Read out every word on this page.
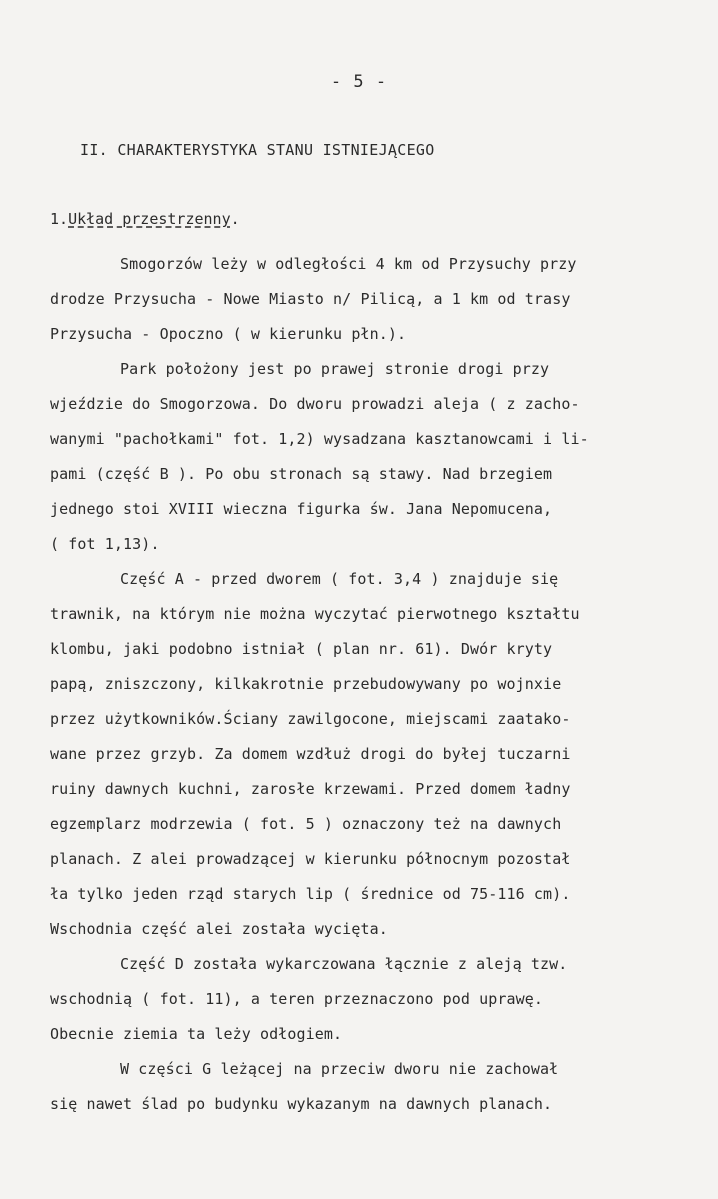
- 5 -
II. CHARAKTERYSTYKA STANU ISTNIEJĄCEGO
1.Układ przestrzenny.
Smogorzów leży w odległości 4 km od Przysuchy przy
drodze Przysucha - Nowe Miasto n/ Pilicą, a 1 km od trasy
Przysucha - Opoczno ( w kierunku płn.).
Park położony jest po prawej stronie drogi przy
wjeździe do Smogorzowa. Do dworu prowadzi aleja ( z zacho-
wanymi "pachołkami" fot. 1,2) wysadzana kasztanowcami i li-
pami (część B ). Po obu stronach są stawy. Nad brzegiem
jednego stoi XVIII wieczna figurka św. Jana Nepomucena,
( fot 1,13).
Część A - przed dworem ( fot. 3,4 ) znajduje się
trawnik, na którym nie można wyczytać pierwotnego kształtu
klombu, jaki podobno istniał ( plan nr. 61). Dwór kryty
papą, zniszczony, kilkakrotnie przebudowywany po wojnxie
przez użytkowników.Ściany zawilgocone, miejscami zaatako-
wane przez grzyb. Za domem wzdłuż drogi do byłej tuczarni
ruiny dawnych kuchni, zarosłe krzewami. Przed domem ładny
egzemplarz modrzewia ( fot. 5 ) oznaczony też na dawnych
planach. Z alei prowadzącej w kierunku północnym pozostał
ła tylko jeden rząd starych lip ( średnice od 75-116 cm).
Wschodnia część alei została wycięta.
Część D została wykarczowana łącznie z aleją tzw.
wschodnią ( fot. 11), a teren przeznaczono pod uprawę.
Obecnie ziemia ta leży odłogiem.
W części G leżącej na przeciw dworu nie zachował
się nawet ślad po budynku wykazanym na dawnych planach.
